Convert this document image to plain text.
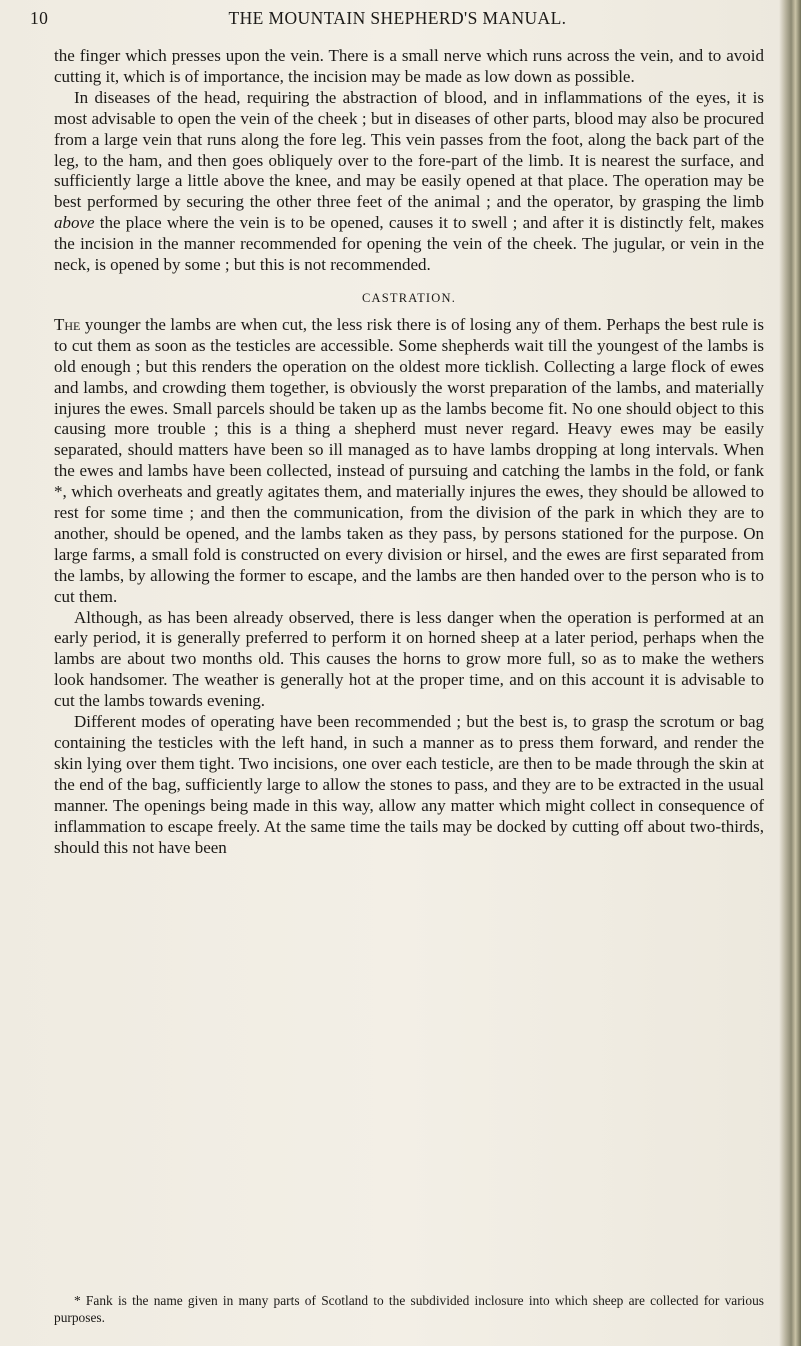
10	THE MOUNTAIN SHEPHERD'S MANUAL.

the finger which presses upon the vein. There is a small nerve which runs across the vein, and to avoid cutting it, which is of importance, the incision may be made as low down as possible.

In diseases of the head, requiring the abstraction of blood, and in inflammations of the eyes, it is most advisable to open the vein of the cheek ; but in diseases of other parts, blood may also be procured from a large vein that runs along the fore leg. This vein passes from the foot, along the back part of the leg, to the ham, and then goes obliquely over to the fore-part of the limb. It is nearest the surface, and sufficiently large a little above the knee, and may be easily opened at that place. The operation may be best performed by securing the other three feet of the animal ; and the operator, by grasping the limb above the place where the vein is to be opened, causes it to swell ; and after it is distinctly felt, makes the incision in the manner recommended for opening the vein of the cheek. The jugular, or vein in the neck, is opened by some ; but this is not recommended.

CASTRATION.

The younger the lambs are when cut, the less risk there is of losing any of them. Perhaps the best rule is to cut them as soon as the testicles are accessible. Some shepherds wait till the youngest of the lambs is old enough ; but this renders the operation on the oldest more ticklish. Collecting a large flock of ewes and lambs, and crowding them together, is obviously the worst preparation of the lambs, and materially injures the ewes. Small parcels should be taken up as the lambs become fit. No one should object to this causing more trouble ; this is a thing a shepherd must never regard. Heavy ewes may be easily separated, should matters have been so ill managed as to have lambs dropping at long intervals. When the ewes and lambs have been collected, instead of pursuing and catching the lambs in the fold, or fank *, which overheats and greatly agitates them, and materially injures the ewes, they should be allowed to rest for some time ; and then the communication, from the division of the park in which they are to another, should be opened, and the lambs taken as they pass, by persons stationed for the purpose. On large farms, a small fold is constructed on every division or hirsel, and the ewes are first separated from the lambs, by allowing the former to escape, and the lambs are then handed over to the person who is to cut them.

Although, as has been already observed, there is less danger when the operation is performed at an early period, it is generally preferred to perform it on horned sheep at a later period, perhaps when the lambs are about two months old. This causes the horns to grow more full, so as to make the wethers look handsomer. The weather is generally hot at the proper time, and on this account it is advisable to cut the lambs towards evening.

Different modes of operating have been recommended ; but the best is, to grasp the scrotum or bag containing the testicles with the left hand, in such a manner as to press them forward, and render the skin lying over them tight. Two incisions, one over each testicle, are then to be made through the skin at the end of the bag, sufficiently large to allow the stones to pass, and they are to be extracted in the usual manner. The openings being made in this way, allow any matter which might collect in consequence of inflammation to escape freely. At the same time the tails may be docked by cutting off about two-thirds, should this not have been

* Fank is the name given in many parts of Scotland to the subdivided inclosure into which sheep are collected for various purposes.
